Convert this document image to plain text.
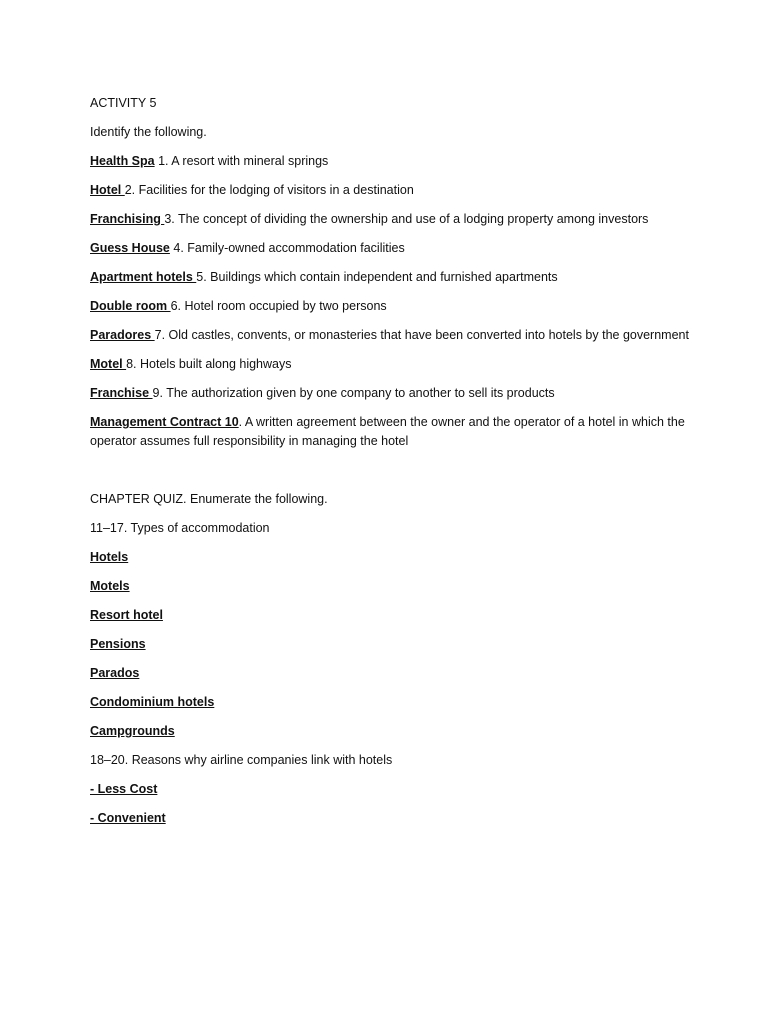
ACTIVITY 5

Identify the following.

Health Spa 1. A resort with mineral springs

Hotel 2. Facilities for the lodging of visitors in a destination

Franchising 3. The concept of dividing the ownership and use of a lodging property among investors

Guess House 4. Family-owned accommodation facilities

Apartment hotels 5. Buildings which contain independent and furnished apartments

Double room 6. Hotel room occupied by two persons

Paradores 7. Old castles, convents, or monasteries that have been converted into hotels by the government

Motel 8. Hotels built along highways

Franchise 9. The authorization given by one company to another to sell its products

Management Contract 10. A written agreement between the owner and the operator of a hotel in which the operator assumes full responsibility in managing the hotel

CHAPTER QUIZ. Enumerate the following.

11–17. Types of accommodation

Hotels

Motels

Resort hotel

Pensions

Parados

Condominium hotels

Campgrounds

18–20. Reasons why airline companies link with hotels

- Less Cost

- Convenient
